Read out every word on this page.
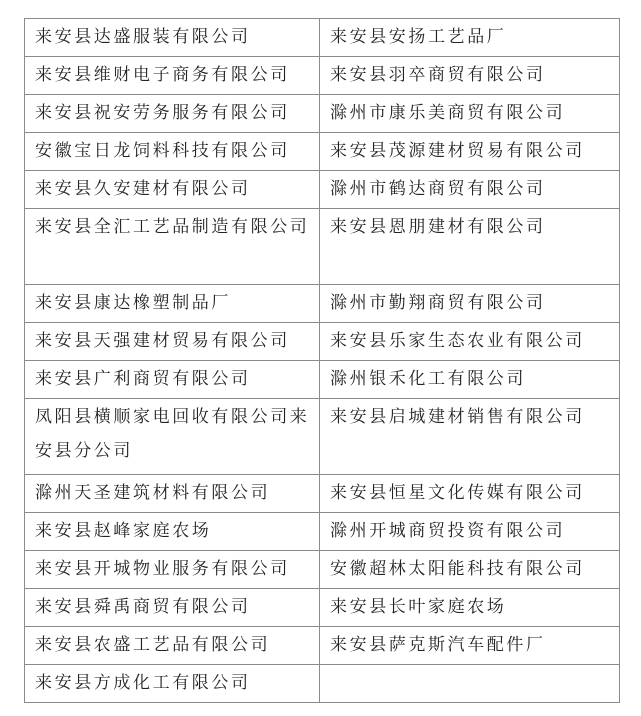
来安县达盛服装有限公司	来安县安扬工艺品厂
来安县维财电子商务有限公司	来安县羽卒商贸有限公司
来安县祝安劳务服务有限公司	滁州市康乐美商贸有限公司
安徽宝日龙饲料科技有限公司	来安县茂源建材贸易有限公司
来安县久安建材有限公司	滁州市鹤达商贸有限公司
来安县全汇工艺品制造有限公司	来安县恩朋建材有限公司
来安县康达橡塑制品厂	滁州市勤翔商贸有限公司
来安县天强建材贸易有限公司	来安县乐家生态农业有限公司
来安县广利商贸有限公司	滁州银禾化工有限公司
凤阳县横顺家电回收有限公司来安县分公司	来安县启城建材销售有限公司
滁州天圣建筑材料有限公司	来安县恒星文化传媒有限公司
来安县赵峰家庭农场	滁州开城商贸投资有限公司
来安县开城物业服务有限公司	安徽超林太阳能科技有限公司
来安县舜禹商贸有限公司	来安县长叶家庭农场
来安县农盛工艺品有限公司	来安县萨克斯汽车配件厂
来安县方成化工有限公司	
